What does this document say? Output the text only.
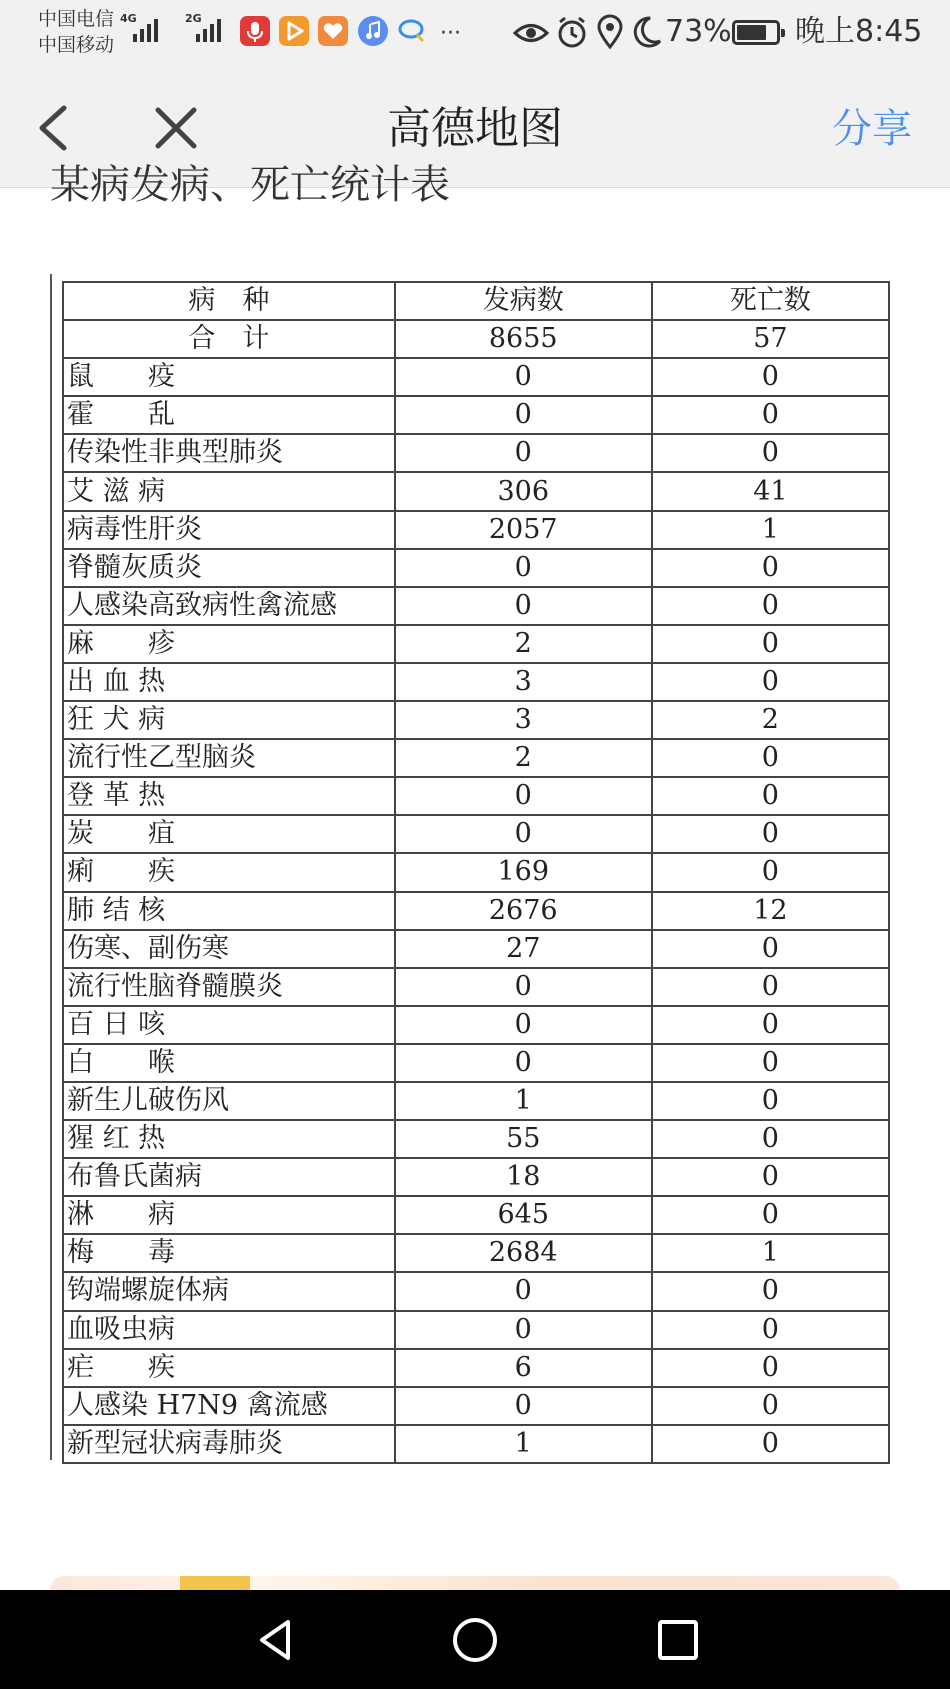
中国电信
中国移动
4G	2G
···	73% 晚上8:45
高德地图	分享
某病发病、死亡统计表
病　种	发病数	死亡数
合　计	8655	57
鼠　　疫	0	0
霍　　乱	0	0
传染性非典型肺炎	0	0
艾 滋 病	306	41
病毒性肝炎	2057	1
脊髓灰质炎	0	0
人感染高致病性禽流感	0	0
麻　　疹	2	0
出 血 热	3	0
狂 犬 病	3	2
流行性乙型脑炎	2	0
登 革 热	0	0
炭　　疽	0	0
痢　　疾	169	0
肺 结 核	2676	12
伤寒、副伤寒	27	0
流行性脑脊髓膜炎	0	0
百 日 咳	0	0
白　　喉	0	0
新生儿破伤风	1	0
猩 红 热	55	0
布鲁氏菌病	18	0
淋　　病	645	0
梅　　毒	2684	1
钩端螺旋体病	0	0
血吸虫病	0	0
疟　　疾	6	0
人感染 H7N9 禽流感	0	0
新型冠状病毒肺炎	1	0
